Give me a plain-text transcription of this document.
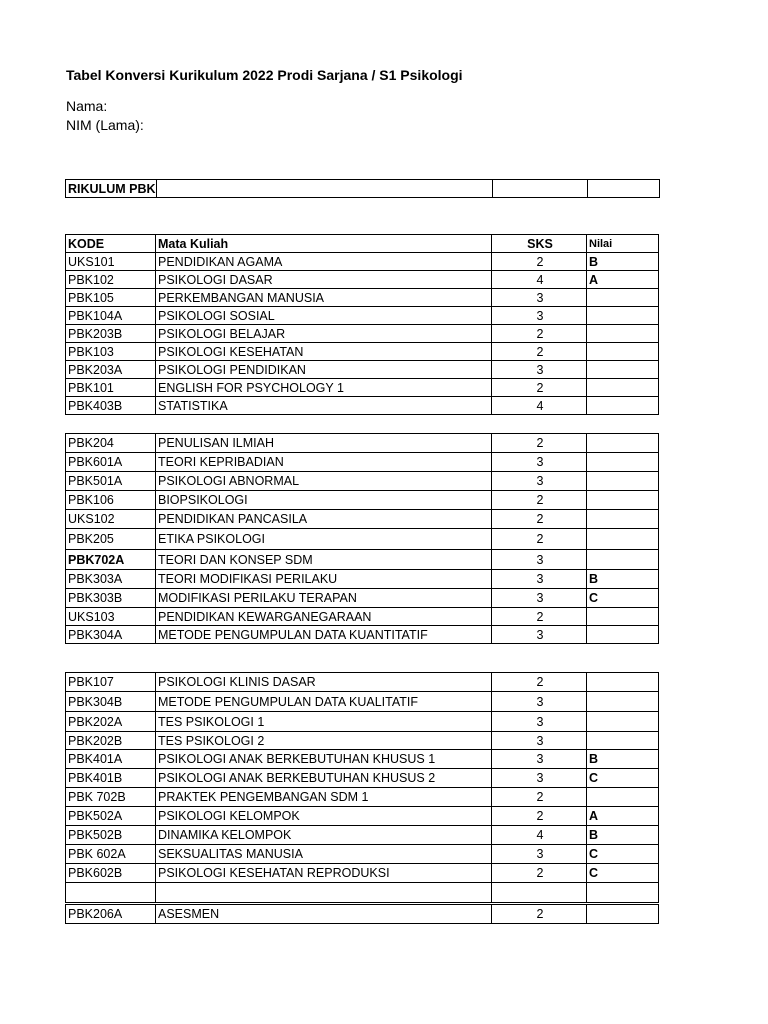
Tabel Konversi Kurikulum 2022 Prodi Sarjana / S1 Psikologi
Nama:
NIM (Lama):
RIKULUM PBK			
KODE	Mata Kuliah	SKS	Nilai
UKS101	PENDIDIKAN AGAMA	2	B
PBK102	PSIKOLOGI DASAR	4	A
PBK105	PERKEMBANGAN MANUSIA	3	
PBK104A	PSIKOLOGI SOSIAL	3	
PBK203B	PSIKOLOGI BELAJAR	2	
PBK103	PSIKOLOGI KESEHATAN	2	
PBK203A	PSIKOLOGI PENDIDIKAN	3	
PBK101	ENGLISH FOR PSYCHOLOGY 1	2	
PBK403B	STATISTIKA	4	
PBK204	PENULISAN ILMIAH	2	
PBK601A	TEORI KEPRIBADIAN	3	
PBK501A	PSIKOLOGI ABNORMAL	3	
PBK106	BIOPSIKOLOGI	2	
UKS102	PENDIDIKAN PANCASILA	2	
PBK205	ETIKA PSIKOLOGI	2	
PBK702A	TEORI DAN KONSEP SDM	3	
PBK303A	TEORI MODIFIKASI PERILAKU	3	B
PBK303B	MODIFIKASI PERILAKU TERAPAN	3	C
UKS103	PENDIDIKAN KEWARGANEGARAAN	2	
PBK304A	METODE PENGUMPULAN DATA KUANTITATIF	3	
PBK107	PSIKOLOGI KLINIS DASAR	2	
PBK304B	METODE PENGUMPULAN DATA KUALITATIF	3	
PBK202A	TES PSIKOLOGI 1	3	
PBK202B	TES PSIKOLOGI 2	3	
PBK401A	PSIKOLOGI ANAK BERKEBUTUHAN KHUSUS 1	3	B
PBK401B	PSIKOLOGI ANAK BERKEBUTUHAN KHUSUS 2	3	C
PBK 702B	PRAKTEK PENGEMBANGAN SDM 1	2	
PBK502A	PSIKOLOGI KELOMPOK	2	A
PBK502B	DINAMIKA KELOMPOK	4	B
PBK 602A	SEKSUALITAS MANUSIA	3	C
PBK602B	PSIKOLOGI KESEHATAN REPRODUKSI	2	C

PBK206A	ASESMEN	2	
